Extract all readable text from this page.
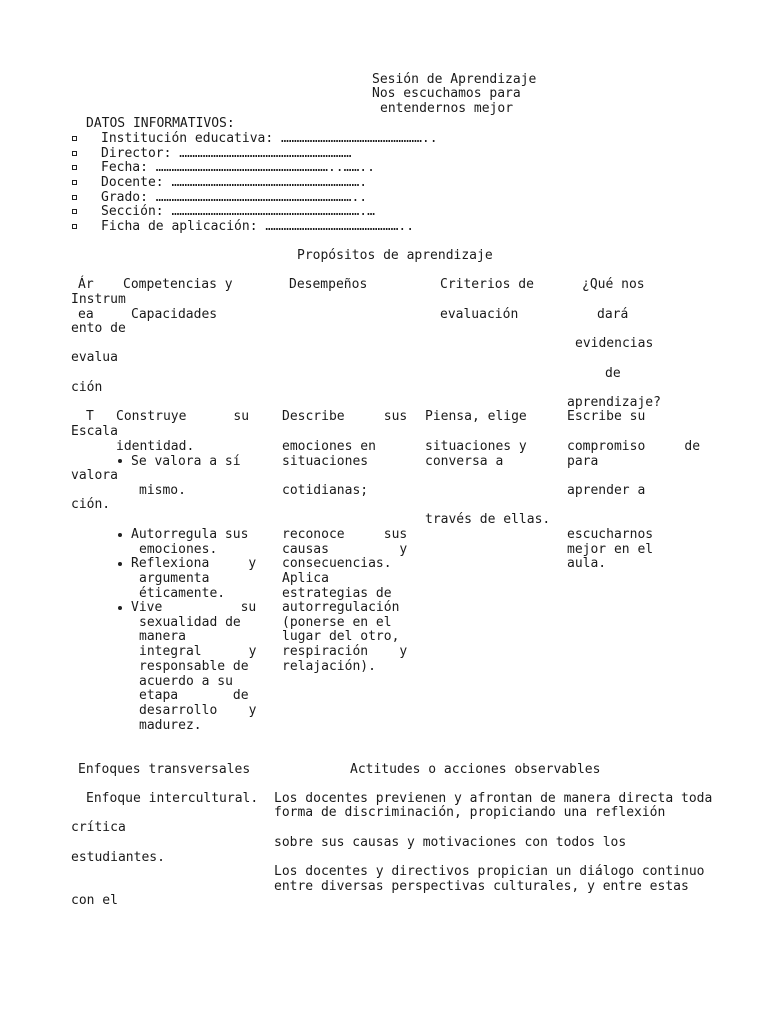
Sesión de Aprendizaje
Nos escuchamos para
entendernos mejor
DATOS INFORMATIVOS:
Institución educativa: ………………………………………………..
Director: …………………………………………………………
Fecha: …………………………………………………………..……..
Docente: ……………………………………………………………….
Grado: …………………………………………………………………..
Sección: ……………………………………………………………….…
Ficha de aplicación: ……………………………………………..
Propósitos de aprendizaje
Ár
ea
Competencias y
Capacidades
Desempeños	Criterios de
evaluación
¿Qué nos
dará
evidencias
de
aprendizaje?
Instrum
ento de
evalua
ción
T Construye      su
identidad.
Se valora a sí
mismo.
Autorregula sus
emociones.
Reflexiona     y
argumenta
éticamente.
Vive          su
sexualidad de
manera
integral      y
responsable de
acuerdo a su
etapa       de
desarrollo    y
madurez.
Describe     sus
emociones en
situaciones
cotidianas;
reconoce     sus
causas         y
consecuencias.
Aplica
estrategias de
autorregulación
(ponerse en el
lugar del otro,
respiración    y
relajación).
Piensa, elige
situaciones y
conversa a
través de ellas.
Escribe su
compromiso     de
para
aprender a
escucharnos
mejor en el
aula.
Escala
valora
ción.
Enfoques transversales	Actitudes o acciones observables
Enfoque intercultural. Los docentes previenen y afrontan de manera directa toda
forma de discriminación, propiciando una reflexión
crítica
sobre sus causas y motivaciones con todos los
estudiantes.
Los docentes y directivos propician un diálogo continuo
entre diversas perspectivas culturales, y entre estas
con el
